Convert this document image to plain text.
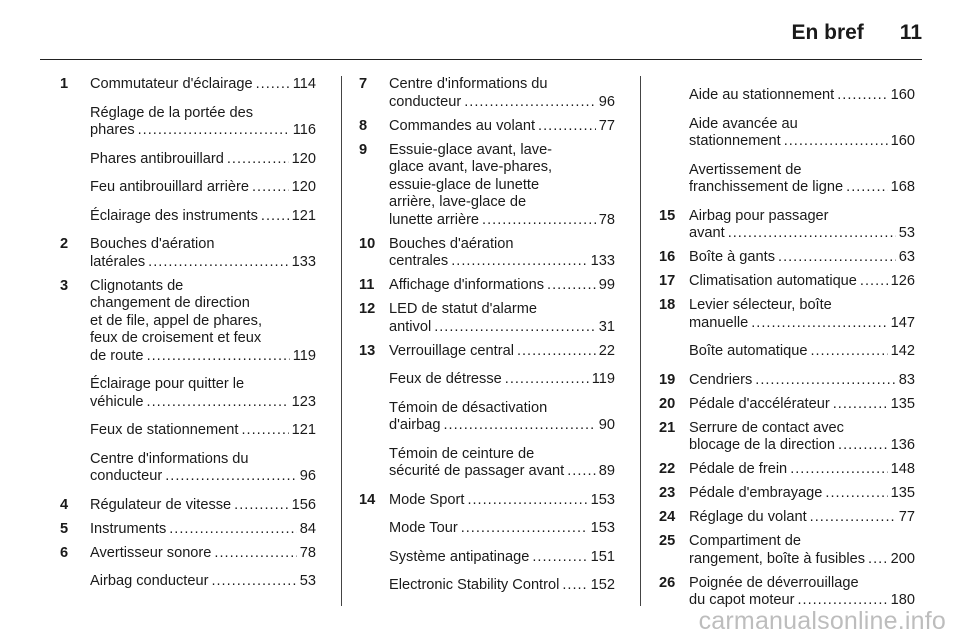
En bref 11
1	Commutateur d'éclairage .....	114
Réglage de la portée des
phares .....	116
Phares antibrouillard .....	120
Feu antibrouillard arrière .....	120
Éclairage des instruments ..... 121
2	Bouches d'aération
latérales .....	133
3	Clignotants de
changement de direction
et de file, appel de phares,
feux de croisement et feux
de route .....	119
Éclairage pour quitter le
véhicule .....	123
Feux de stationnement .....	121
Centre d'informations du
conducteur .....	96
4	Régulateur de vitesse .....	156
5	Instruments .....	84
6	Avertisseur sonore .....	78
Airbag conducteur .....	53
7	Centre d'informations du
conducteur .....	96
8	Commandes au volant .....	77
9	Essuie-glace avant, lave-
glace avant, lave-phares,
essuie-glace de lunette
arrière, lave-glace de
lunette arrière .....	78
10 Bouches d'aération
centrales .....	133
11 Affichage d'informations .....	99
12 LED de statut d'alarme
antivol .....	31
13 Verrouillage central .....	22
Feux de détresse .....	119
Témoin de désactivation
d'airbag .....	90
Témoin de ceinture de
sécurité de passager avant ..... 89
14 Mode Sport .....	153
Mode Tour .....	153
Système antipatinage .....	151
Electronic Stability Control ..... 152
Aide au stationnement .....	160
Aide avancée au
stationnement .....	160
Avertissement de
franchissement de ligne .....	168
15 Airbag pour passager
avant .....	53
16 Boîte à gants .....	63
17 Climatisation automatique ..... 126
18 Levier sélecteur, boîte
manuelle .....	147
Boîte automatique .....	142
19 Cendriers .....	83
20 Pédale d'accélérateur .....	135
21 Serrure de contact avec
blocage de la direction .....	136
22 Pédale de frein .....	148
23 Pédale d'embrayage .....	135
24 Réglage du volant .....	77
25 Compartiment de
rangement, boîte à fusibles ..... 200
26 Poignée de déverrouillage
du capot moteur .....	180
carmanualsonline.info
